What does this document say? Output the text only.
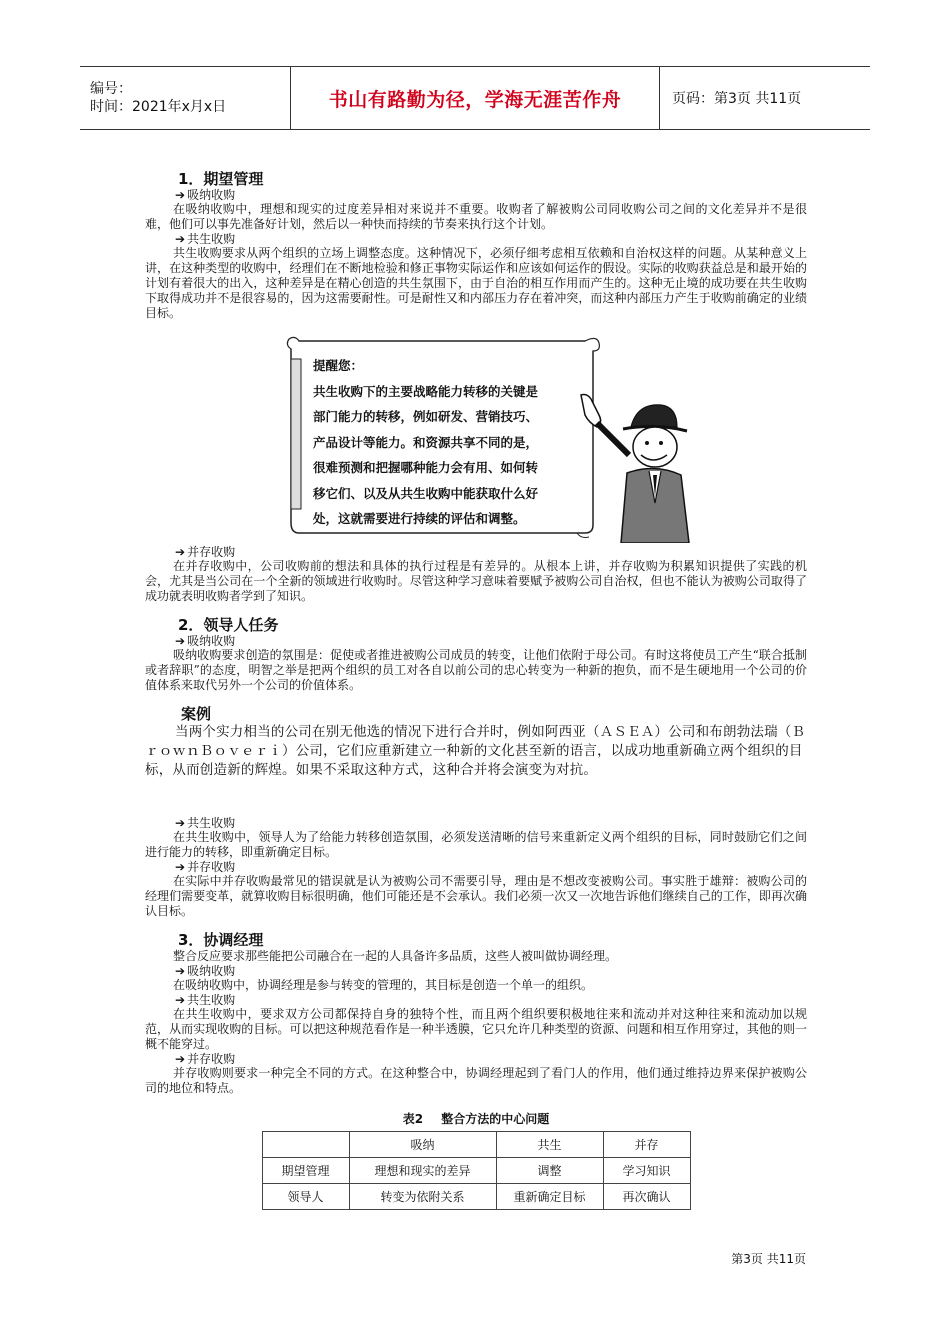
编号：
时间：2021年x月x日	书山有路勤为径，学海无涯苦作舟	页码：第3页 共11页
1．期望管理
➔ 吸纳收购

在吸纳收购中，理想和现实的过度差异相对来说并不重要。收购者了解被购公司同收购公司之间的文化差异并不是很难，他们可以事先准备好计划，然后以一种快而持续的节奏来执行这个计划。

➔ 共生收购

共生收购要求从两个组织的立场上调整态度。这种情况下，必须仔细考虑相互依赖和自治权这样的问题。从某种意义上讲，在这种类型的收购中，经理们在不断地检验和修正事物实际运作和应该如何运作的假设。实际的收购获益总是和最开始的计划有着很大的出入，这种差异是在精心创造的共生氛围下，由于自治的相互作用而产生的。这种无止境的成功要在共生收购下取得成功并不是很容易的，因为这需要耐性。可是耐性又和内部压力存在着冲突，而这种内部压力产生于收购前确定的业绩目标。

提醒您：
共生收购下的主要战略能力转移的关键是
部门能力的转移，例如研发、营销技巧、
产品设计等能力。和资源共享不同的是，
很难预测和把握哪种能力会有用、如何转
移它们、以及从共生收购中能获取什么好
处，这就需要进行持续的评估和调整。
➔ 并存收购

在并存收购中，公司收购前的想法和具体的执行过程是有差异的。从根本上讲，并存收购为积累知识提供了实践的机会，尤其是当公司在一个全新的领域进行收购时。尽管这种学习意味着要赋予被购公司自治权，但也不能认为被购公司取得了成功就表明收购者学到了知识。

2．领导人任务
➔ 吸纳收购

吸纳收购要求创造的氛围是：促使或者推进被购公司成员的转变，让他们依附于母公司。有时这将使员工产生“联合抵制或者辞职”的态度，明智之举是把两个组织的员工对各自以前公司的忠心转变为一种新的抱负，而不是生硬地用一个公司的价值体系来取代另外一个公司的价值体系。

案例

当两个实力相当的公司在别无他选的情况下进行合并时，例如阿西亚（ＡＳＥＡ）公司和布朗勃法瑞（ＢｒｏｗｎＢｏｖｅｒｉ）公司，它们应重新建立一种新的文化甚至新的语言，以成功地重新确立两个组织的目标，从而创造新的辉煌。如果不采取这种方式，这种合并将会演变为对抗。

➔ 共生收购

在共生收购中，领导人为了给能力转移创造氛围，必须发送清晰的信号来重新定义两个组织的目标，同时鼓励它们之间进行能力的转移，即重新确定目标。

➔ 并存收购

在实际中并存收购最常见的错误就是认为被购公司不需要引导，理由是不想改变被购公司。事实胜于雄辩：被购公司的经理们需要变革，就算收购目标很明确，他们可能还是不会承认。我们必须一次又一次地告诉他们继续自己的工作，即再次确认目标。

3．协调经理

整合反应要求那些能把公司融合在一起的人具备许多品质，这些人被叫做协调经理。

➔ 吸纳收购

在吸纳收购中，协调经理是参与转变的管理的，其目标是创造一个单一的组织。

➔ 共生收购

在共生收购中，要求双方公司都保持自身的独特个性，而且两个组织要积极地往来和流动并对这种往来和流动加以规范，从而实现收购的目标。可以把这种规范看作是一种半透膜，它只允许几种类型的资源、问题和相互作用穿过，其他的则一概不能穿过。

➔ 并存收购

并存收购则要求一种完全不同的方式。在这种整合中，协调经理起到了看门人的作用，他们通过维持边界来保护被购公司的地位和特点。

表2 整合方法的中心问题
	吸纳	共生	并存
期望管理	理想和现实的差异	调整	学习知识
领导人	转变为依附关系	重新确定目标	再次确认
第3页 共11页
